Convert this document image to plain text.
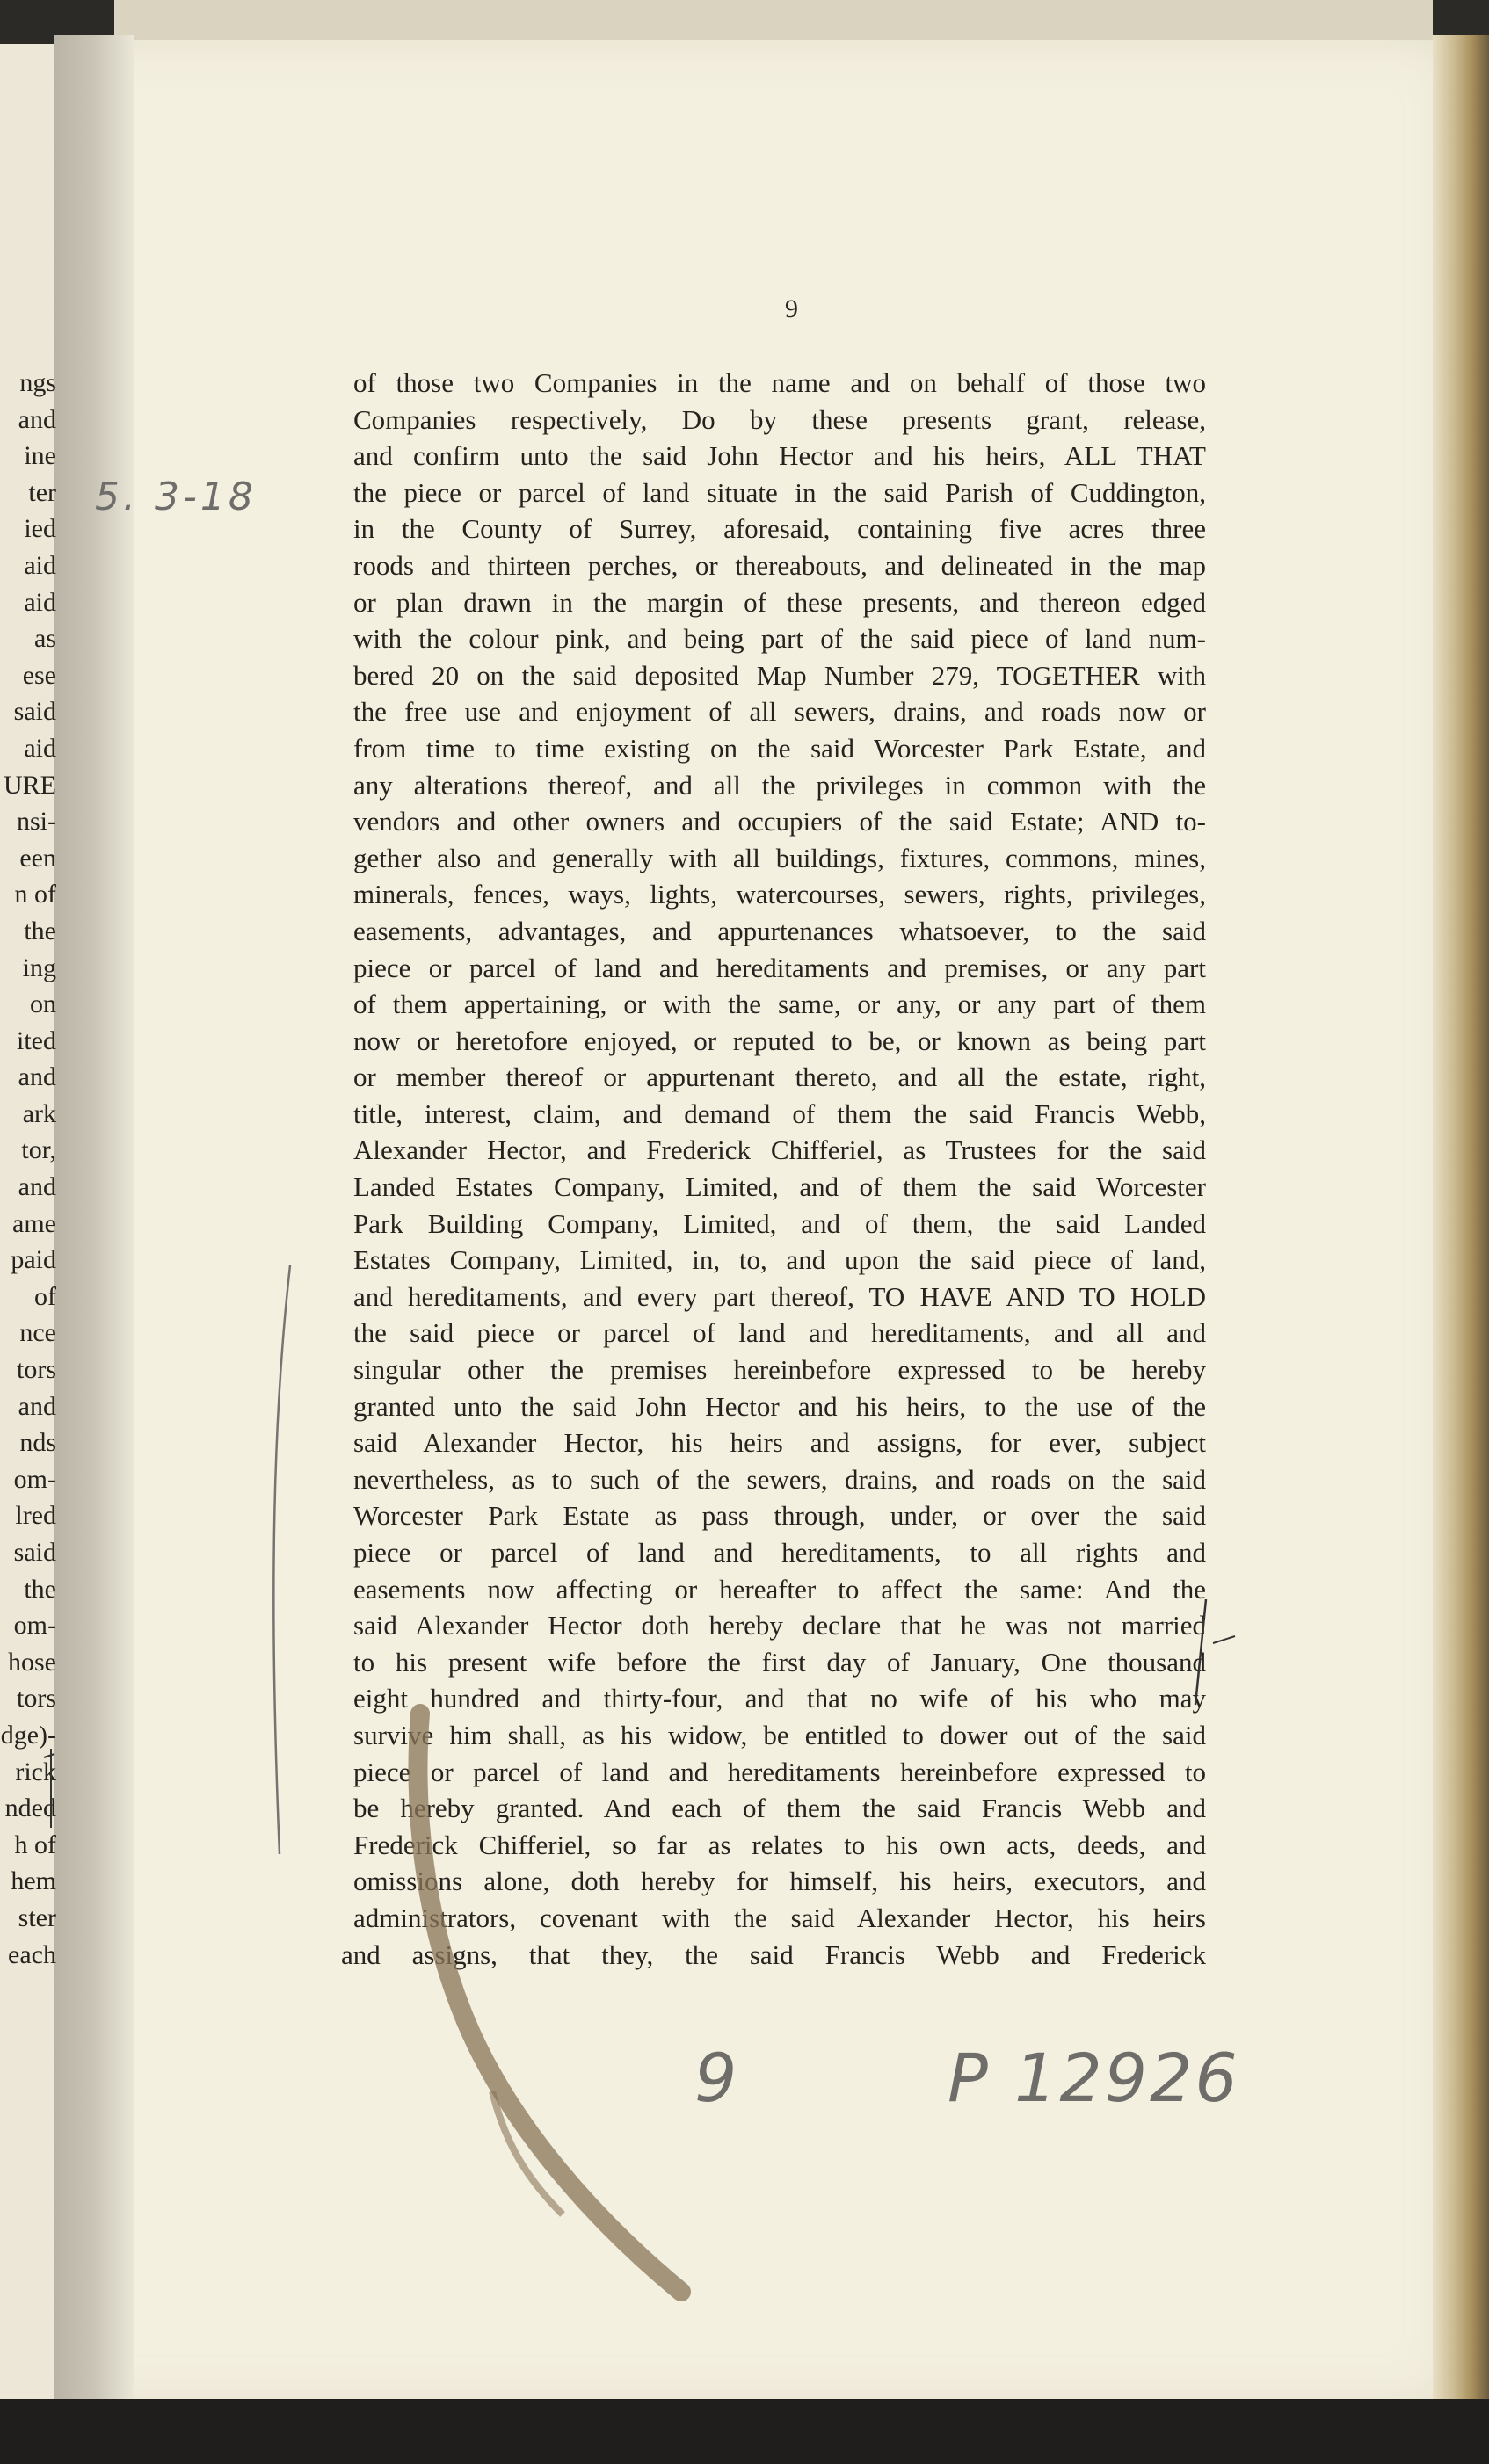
ngs
and
ine
ter
ied
aid
aid
as
ese
said
aid
URE
nsi-
een
n of
the
ing
on
ited
and
ark
tor,
and
ame
paid
of
nce
tors
and
nds
om-
lred
said
the
om-
hose
tors
dge)-
rick
nded
h of
hem
ster
each
9
of those two Companies in the name and on behalf of those two
Companies respectively, Do by these presents grant, release,
and confirm unto the said John Hector and his heirs, ALL THAT
the piece or parcel of land situate in the said Parish of Cuddington,
in the County of Surrey, aforesaid, containing five acres three
roods and thirteen perches, or thereabouts, and delineated in the map
or plan drawn in the margin of these presents, and thereon edged
with the colour pink, and being part of the said piece of land num-
bered 20 on the said deposited Map Number 279, TOGETHER with
the free use and enjoyment of all sewers, drains, and roads now or
from time to time existing on the said Worcester Park Estate, and
any alterations thereof, and all the privileges in common with the
vendors and other owners and occupiers of the said Estate; AND to-
gether also and generally with all buildings, fixtures, commons, mines,
minerals, fences, ways, lights, watercourses, sewers, rights, privileges,
easements, advantages, and appurtenances whatsoever, to the said
piece or parcel of land and hereditaments and premises, or any part
of them appertaining, or with the same, or any, or any part of them
now or heretofore enjoyed, or reputed to be, or known as being part
or member thereof or appurtenant thereto, and all the estate, right,
title, interest, claim, and demand of them the said Francis Webb,
Alexander Hector, and Frederick Chifferiel, as Trustees for the said
Landed Estates Company, Limited, and of them the said Worcester
Park Building Company, Limited, and of them, the said Landed
Estates Company, Limited, in, to, and upon the said piece of land,
and hereditaments, and every part thereof, TO HAVE AND TO HOLD
the said piece or parcel of land and hereditaments, and all and
singular other the premises hereinbefore expressed to be hereby
granted unto the said John Hector and his heirs, to the use of the
said Alexander Hector, his heirs and assigns, for ever, subject
nevertheless, as to such of the sewers, drains, and roads on the said
Worcester Park Estate as pass through, under, or over the said
piece or parcel of land and hereditaments, to all rights and
easements now affecting or hereafter to affect the same: And the
said Alexander Hector doth hereby declare that he was not married
to his present wife before the first day of January, One thousand
eight hundred and thirty-four, and that no wife of his who may
survive him shall, as his widow, be entitled to dower out of the said
piece or parcel of land and hereditaments hereinbefore expressed to
be hereby granted. And each of them the said Francis Webb and
Frederick Chifferiel, so far as relates to his own acts, deeds, and
omissions alone, doth hereby for himself, his heirs, executors, and
administrators, covenant with the said Alexander Hector, his heirs
and assigns, that they, the said Francis Webb and Frederick
5. 3-18
9	P 12926
